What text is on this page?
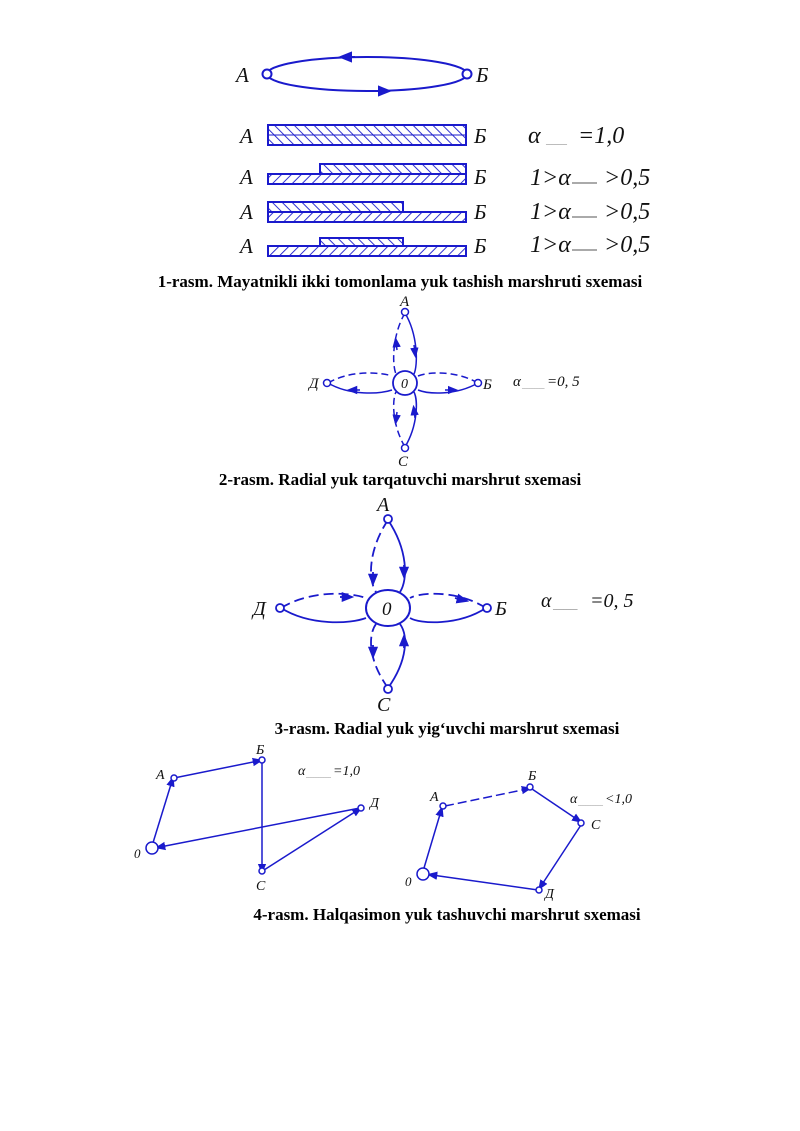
А	Б
А	Б α _______ =1,0
А	Б 1>α >0,5
А	Б 1>α >0,5
А	Б 1>α >0,5
А
С
Д	Б
0	α _________ =0, 5
А
С
Д	Б
0	α _______ =0, 5
0
А
Б
С
Д
α __________ =1,0
0
А
Б
С
Д
α __________ <1,0
1-rasm. Mayatnikli ikki tomonlama yuk tashish marshruti sxemasi
2-rasm. Radial yuk tarqatuvchi marshrut sxemasi
3-rasm. Radial yuk yig‘uvchi marshrut sxemasi
4-rasm. Halqasimon yuk tashuvchi marshrut sxemasi
